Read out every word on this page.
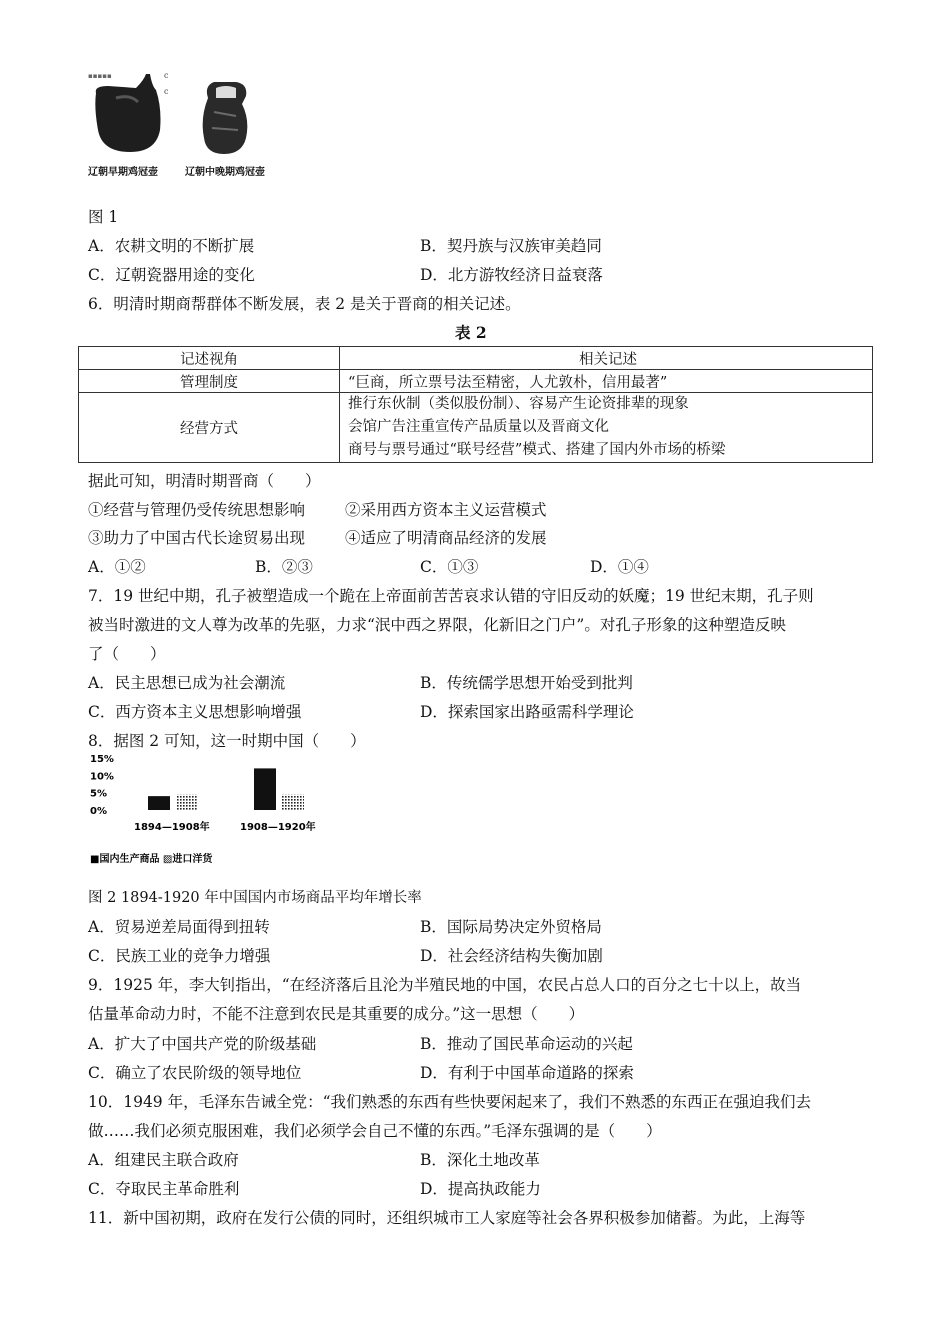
▪▪▪▪▪	c
c
辽朝早期鸡冠壶	辽朝中晚期鸡冠壶
图 1
A．农耕文明的不断扩展	B．契丹族与汉族审美趋同
C．辽朝瓷器用途的变化	D．北方游牧经济日益衰落
6．明清时期商帮群体不断发展，表 2 是关于晋商的相关记述。
表 2
记述视角	相关记述
管理制度	“巨商，所立票号法至精密，人尤敦朴，信用最著”
经营方式	推行东伙制（类似股份制）、容易产生论资排辈的现象
会馆广告注重宣传产品质量以及晋商文化
商号与票号通过“联号经营”模式、搭建了国内外市场的桥梁
据此可知，明清时期晋商（　　）
①经营与管理仍受传统思想影响	②采用西方资本主义运营模式
③助力了中国古代长途贸易出现	④适应了明清商品经济的发展
A．①②	B．②③	C．①③	D．①④
7．19 世纪中期，孔子被塑造成一个跪在上帝面前苦苦哀求认错的守旧反动的妖魔；19 世纪末期，孔子则
被当时激进的文人尊为改革的先驱，力求“泯中西之界限，化新旧之门户”。对孔子形象的这种塑造反映
了（　　）
A．民主思想已成为社会潮流	B．传统儒学思想开始受到批判
C．西方资本主义思想影响增强	D．探索国家出路亟需科学理论
8．据图 2 可知，这一时期中国（　　）
15%
10%
5%
0%
1894—1908年	1908—1920年
■国内生产商品 ▨进口洋货
图 2 1894-1920 年中国国内市场商品平均年增长率
A．贸易逆差局面得到扭转	B．国际局势决定外贸格局
C．民族工业的竞争力增强	D．社会经济结构失衡加剧
9．1925 年，李大钊指出，“在经济落后且沦为半殖民地的中国，农民占总人口的百分之七十以上，故当
估量革命动力时，不能不注意到农民是其重要的成分。”这一思想（　　）
A．扩大了中国共产党的阶级基础	B．推动了国民革命运动的兴起
C．确立了农民阶级的领导地位	D．有利于中国革命道路的探索
10．1949 年，毛泽东告诫全党：“我们熟悉的东西有些快要闲起来了，我们不熟悉的东西正在强迫我们去
做……我们必须克服困难，我们必须学会自己不懂的东西。”毛泽东强调的是（　　）
A．组建民主联合政府	B．深化土地改革
C．夺取民主革命胜利	D．提高执政能力
11．新中国初期，政府在发行公债的同时，还组织城市工人家庭等社会各界积极参加储蓄。为此，上海等
